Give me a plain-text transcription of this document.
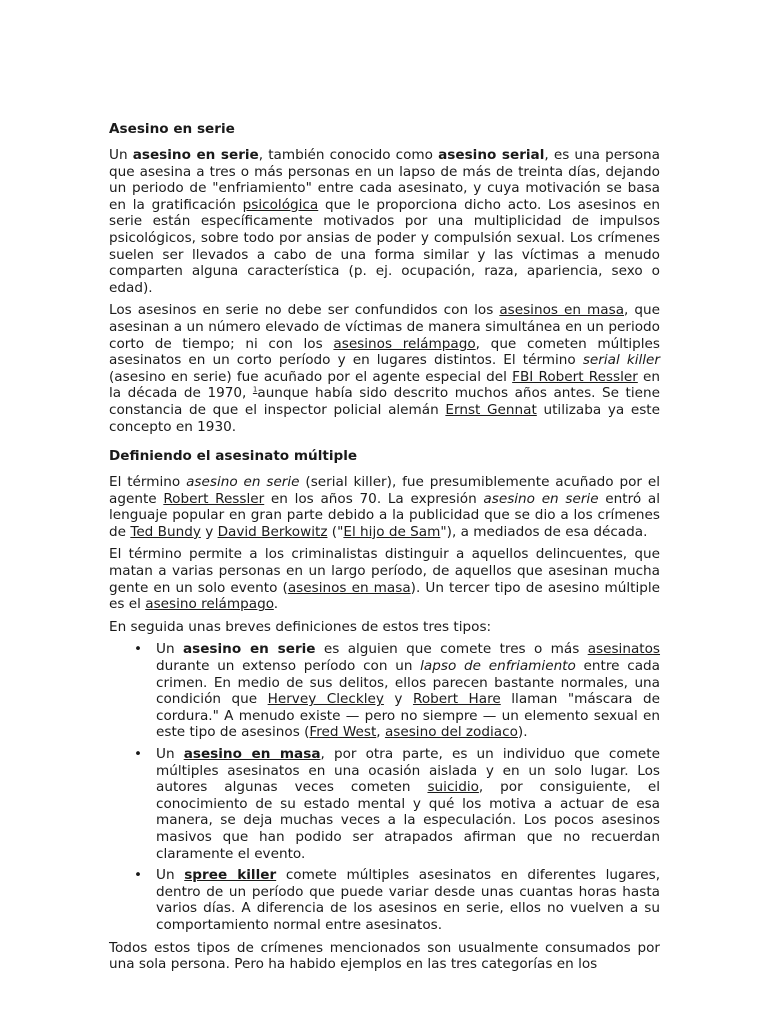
Asesino en serie

Un asesino en serie, también conocido como asesino serial, es una persona que asesina a tres o más personas en un lapso de más de treinta días, dejando un periodo de "enfriamiento" entre cada asesinato, y cuya motivación se basa en la gratificación psicológica que le proporciona dicho acto. Los asesinos en serie están específicamente motivados por una multiplicidad de impulsos psicológicos, sobre todo por ansias de poder y compulsión sexual. Los crímenes suelen ser llevados a cabo de una forma similar y las víctimas a menudo comparten alguna característica (p. ej. ocupación, raza, apariencia, sexo o edad).

Los asesinos en serie no debe ser confundidos con los asesinos en masa, que asesinan a un número elevado de víctimas de manera simultánea en un periodo corto de tiempo; ni con los asesinos relámpago, que cometen múltiples asesinatos en un corto período y en lugares distintos. El término serial killer (asesino en serie) fue acuñado por el agente especial del FBI Robert Ressler en la década de 1970, $^1$aunque había sido descrito muchos años antes. Se tiene constancia de que el inspector policial alemán Ernst Gennat utilizaba ya este concepto en 1930.

Definiendo el asesinato múltiple

El término asesino en serie (serial killer), fue presumiblemente acuñado por el agente Robert Ressler en los años 70. La expresión asesino en serie entró al lenguaje popular en gran parte debido a la publicidad que se dio a los crímenes de Ted Bundy y David Berkowitz ("El hijo de Sam"), a mediados de esa década.

El término permite a los criminalistas distinguir a aquellos delincuentes, que matan a varias personas en un largo período, de aquellos que asesinan mucha gente en un solo evento (asesinos en masa). Un tercer tipo de asesino múltiple es el asesino relámpago.

En seguida unas breves definiciones de estos tres tipos:

• Un asesino en serie es alguien que comete tres o más asesinatos durante un extenso período con un lapso de enfriamiento entre cada crimen. En medio de sus delitos, ellos parecen bastante normales, una condición que Hervey Cleckley y Robert Hare llaman "máscara de cordura." A menudo existe — pero no siempre — un elemento sexual en este tipo de asesinos (Fred West, asesino del zodiaco).
• Un asesino en masa, por otra parte, es un individuo que comete múltiples asesinatos en una ocasión aislada y en un solo lugar. Los autores algunas veces cometen suicidio, por consiguiente, el conocimiento de su estado mental y qué los motiva a actuar de esa manera, se deja muchas veces a la especulación. Los pocos asesinos masivos que han podido ser atrapados afirman que no recuerdan claramente el evento.
• Un spree killer comete múltiples asesinatos en diferentes lugares, dentro de un período que puede variar desde unas cuantas horas hasta varios días. A diferencia de los asesinos en serie, ellos no vuelven a su comportamiento normal entre asesinatos.

Todos estos tipos de crímenes mencionados son usualmente consumados por una sola persona. Pero ha habido ejemplos en las tres categorías en los
